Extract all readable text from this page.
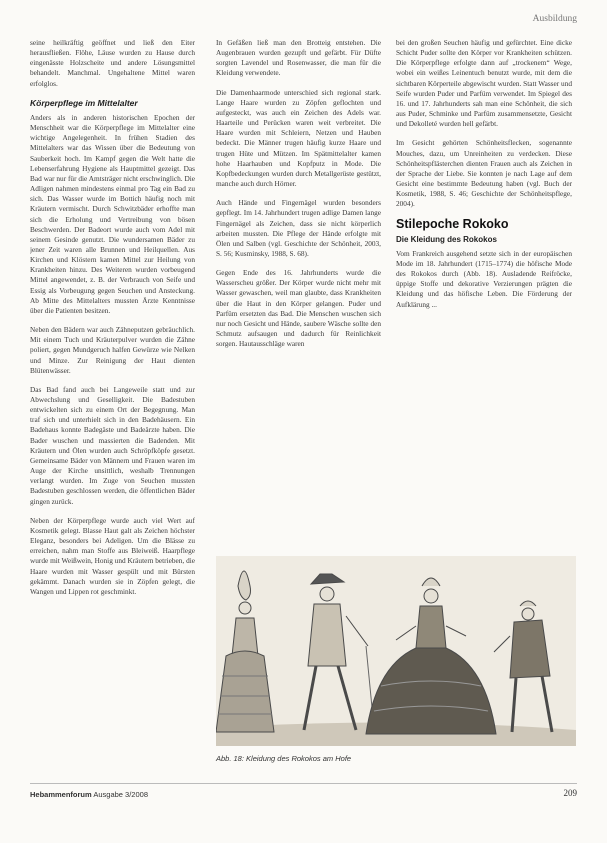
Ausbildung

seine heilkräftig geöffnet und ließ den Eiter herausfließen. Flöhe, Läuse wurden zu Hause durch eingenässte Holzscheite und andere Lösungsmittel behandelt. Manchmal. Ungehaltene Mittel waren erfolglos.

Körperpflege im Mittelalter

Anders als in anderen historischen Epochen der Menschheit war die Körperpflege im Mittelalter eine wichtige Angelegenheit. In frühen Stadien des Mittelalters war das Wissen über die Bedeutung von Sauberkeit hoch. Im Kampf gegen die Welt hatte die Lebenserfahrung Hygiene als Hauptmittel gezeigt. Das Bad war nur für die Amtsträger nicht erschwinglich. Die Adligen nahmen mindestens einmal pro Tag ein Bad zu sich. Das Wasser wurde im Bottich häufig noch mit Kräutern vermischt. Durch Schwitzbäder erhoffte man sich die Erholung und Vertreibung von bösen Beschwerden. Der Badeort wurde auch vom Adel mit seinem Gesinde genutzt. Die wundersamen Bäder zu jener Zeit waren alle Brunnen und Heilquellen. Aus Kirchen und Klöstern kamen Mittel zur Heilung von Krankheiten hinzu. Des Weiteren wurden vorbeugend Mittel angewendet, z. B. der Verbrauch von Seife und Essig als Vorbeugung gegen Seuchen und Ansteckung. Ab Mitte des Mittelalters mussten Ärzte Kenntnisse über die Patienten besitzen.

Neben den Bädern war auch Zähneputzen gebräuchlich. Mit einem Tuch und Kräuterpulver wurden die Zähne poliert, gegen Mundgeruch halfen Gewürze wie Nelken und Minze. Zur Reinigung der Haut dienten Blütenwässer.

Das Bad fand auch bei Langeweile statt und zur Abwechslung und Geselligkeit. Die Badestuben entwickelten sich zu einem Ort der Begegnung. Man traf sich und unterhielt sich in den Badehäusern. Ein Badehaus konnte Badegäste und Badeärzte haben. Die Bader wuschen und massierten die Badenden. Mit Kräutern und Ölen wurden auch Schröpfköpfe gesetzt. Gemeinsame Bäder von Männern und Frauen waren im Auge der Kirche unsittlich, weshalb Trennungen verlangt wurden. Im Zuge von Seuchen mussten Badestuben geschlossen werden, die öffentlichen Bäder gingen zurück.

Neben der Körperpflege wurde auch viel Wert auf Kosmetik gelegt. Blasse Haut galt als Zeichen höchster Eleganz, besonders bei Adeligen. Um die Blässe zu erreichen, nahm man Stoffe aus Bleiweiß. Haarpflege wurde mit Weißwein, Honig und Kräutern betrieben, die Haare wurden mit Wasser gespült und mit Bürsten gekämmt. Danach wurden sie in Zöpfen gelegt, die Wangen und Lippen rot geschminkt.

In Gefäßen ließ man den Brotteig entstehen. Die Augenbrauen wurden gezupft und gefärbt. Für Düfte sorgten Lavendel und Rosenwasser, die man für die Kleidung verwendete.

Die Damenhaarmode unterschied sich regional stark. Lange Haare wurden zu Zöpfen geflochten und aufgesteckt, was auch ein Zeichen des Adels war. Haarteile und Perücken waren weit verbreitet. Die Haare wurden mit Schleiern, Netzen und Hauben bedeckt. Die Männer trugen häufig kurze Haare und trugen Hüte und Mützen. Im Spätmittelalter kamen hohe Haarhauben und Kopfputz in Mode. Die Kopfbedeckungen wurden durch Metallgerüste gestützt, manche auch durch Hörner.

Auch Hände und Fingernägel wurden besonders gepflegt. Im 14. Jahrhundert trugen adlige Damen lange Fingernägel als Zeichen, dass sie nicht körperlich arbeiten mussten. Die Pflege der Hände erfolgte mit Ölen und Salben (vgl. Geschichte der Schönheit, 2003, S. 56; Kusminsky, 1988, S. 68).

Gegen Ende des 16. Jahrhunderts wurde die Wasserscheu größer. Der Körper wurde nicht mehr mit Wasser gewaschen, weil man glaubte, dass Krankheiten über die Haut in den Körper gelangen. Puder und Parfüm ersetzten das Bad. Die Menschen wuschen sich nur noch Gesicht und Hände, saubere Wäsche sollte den Schmutz aufsaugen und dadurch für Reinlichkeit sorgen. Hautausschläge waren

bei den großen Seuchen häufig und gefürchtet. Eine dicke Schicht Puder sollte den Körper vor Krankheiten schützen. Die Körperpflege erfolgte dann auf „trockenem“ Wege, wobei ein weißes Leinentuch benutzt wurde, mit dem die sichtbaren Körperteile abgewischt wurden. Statt Wasser und Seife wurden Puder und Parfüm verwendet. Im Spiegel des 16. und 17. Jahrhunderts sah man eine Schönheit, die sich aus Puder, Schminke und Parfüm zusammensetzte, Gesicht und Dekolleté wurden hell gefärbt.

Im Gesicht gehörten Schönheitsflecken, sogenannte Mouches, dazu, um Unreinheiten zu verdecken. Diese Schönheitspflästerchen dienten Frauen auch als Zeichen in der Sprache der Liebe. Sie konnten je nach Lage auf dem Gesicht eine bestimmte Bedeutung haben (vgl. Buch der Kosmetik, 1988, S. 46; Geschichte der Schönheitspflege, 2004).

Stilepoche Rokoko
Die Kleidung des Rokokos

Vom Frankreich ausgehend setzte sich in der europäischen Mode im 18. Jahrhundert (1715–1774) die höfische Mode des Rokokos durch (Abb. 18). Ausladende Reifröcke, üppige Stoffe und dekorative Verzierungen prägten die Kleidung und das höfische Leben. Die Förderung der Aufklärung ...

Abb. 18: Kleidung des Rokokos am Hofe
Hebammenforum Ausgabe 3/2008	209
